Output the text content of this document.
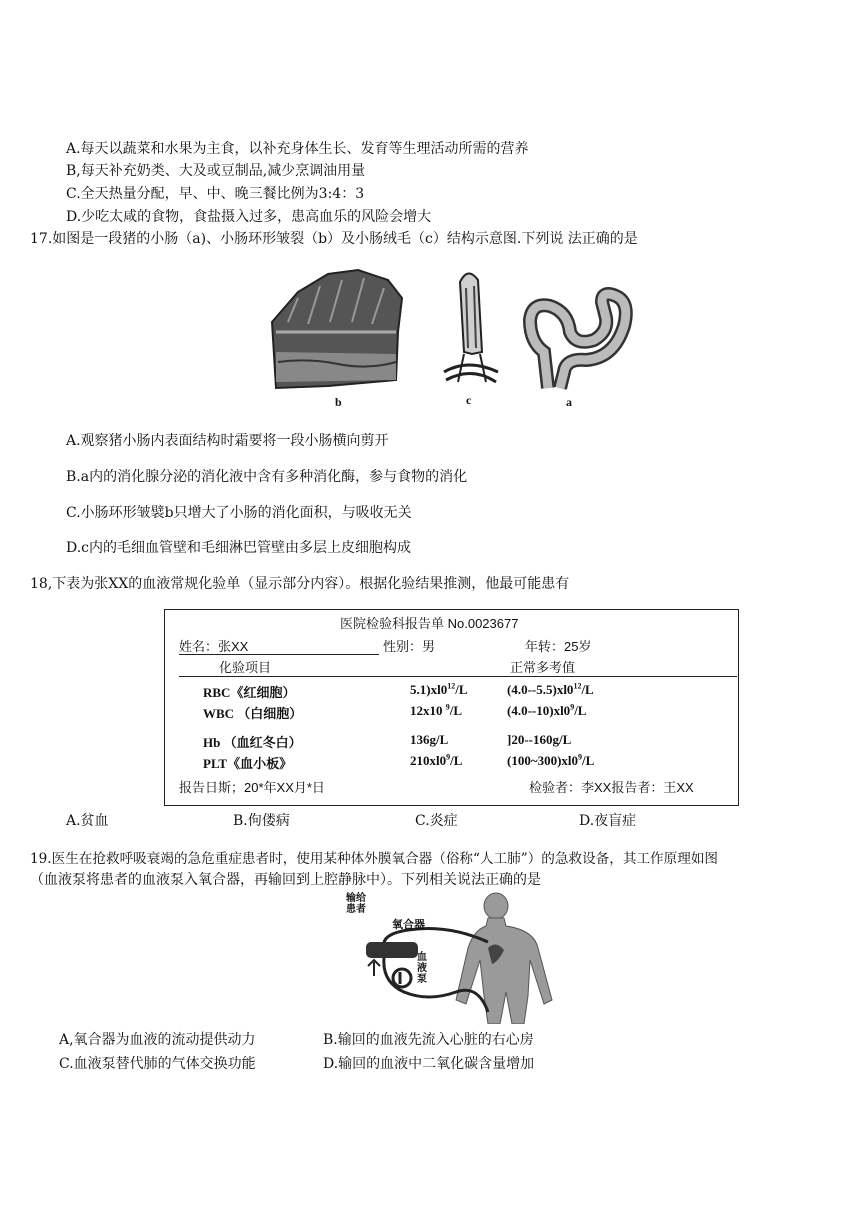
A.每天以蔬菜和水果为主食，以补充身体生长、发育等生理活动所需的营养
B,每天补充奶类、大及或豆制品,减少烹调油用量
C.全天热量分配，早、中、晚三餐比例为3:4：3
D.少吃太咸的食物，食盐摄入过多，患高血乐的风险会增大
17.如图是一段猪的小肠（a)、小肠环形皱裂（b）及小肠绒毛（c）结构示意图.下列说 法正确的是
b	c	a
A.观察猪小肠内表面结构时霜要将一段小肠横向剪开
B.a内的消化腺分泌的消化液中含有多种消化酶，参与食物的消化
C.小肠环形皱襞b只增大了小肠的消化面积，与吸收无关
D.c内的毛细血管壁和毛细淋巴管壁由多层上皮细胞构成
18,下表为张XX的血液常规化验单（显示部分内容）。根据化验结果推测，他最可能患有
医院检验科报告单 No.0023677
姓名：张XX	性别：男	年转：25岁
化验项目	正常多考值
RBC《红细胞）	$5.1)xl0^{12}/L$	$(4.0--5.5)xl0^{12}/L$
WBC （白细胞）	12x10 $^9$/L	$(4.0--10)xl0^9/L$
Hb （血红冬白）	136g/L	]20--160g/L
PLT《血小板》	$210xl0^9/L$	$(100\sim 300)xl0^9/L$
报告日斯；20*年XX月*日	检验者：李XX报告者：王XX
A.贫血	B.佝偻病	C.炎症	D.夜盲症
19.医生在抢救呼吸衰竭的急危重症患者时，使用某种体外膜氧合器（俗称“人工肺”）的急救设备，其工作原理如图
（血液泵将患者的血液泵入氧合器，再输回到上腔静脉中）。下列相关说法正确的是
输给患者
氧合器
血液泵
A,氧合器为血液的流动提供动力	B.输回的血液先流入心脏的右心房
C.血液泵替代肺的气体交换功能	D.输回的血液中二氧化碳含量增加
